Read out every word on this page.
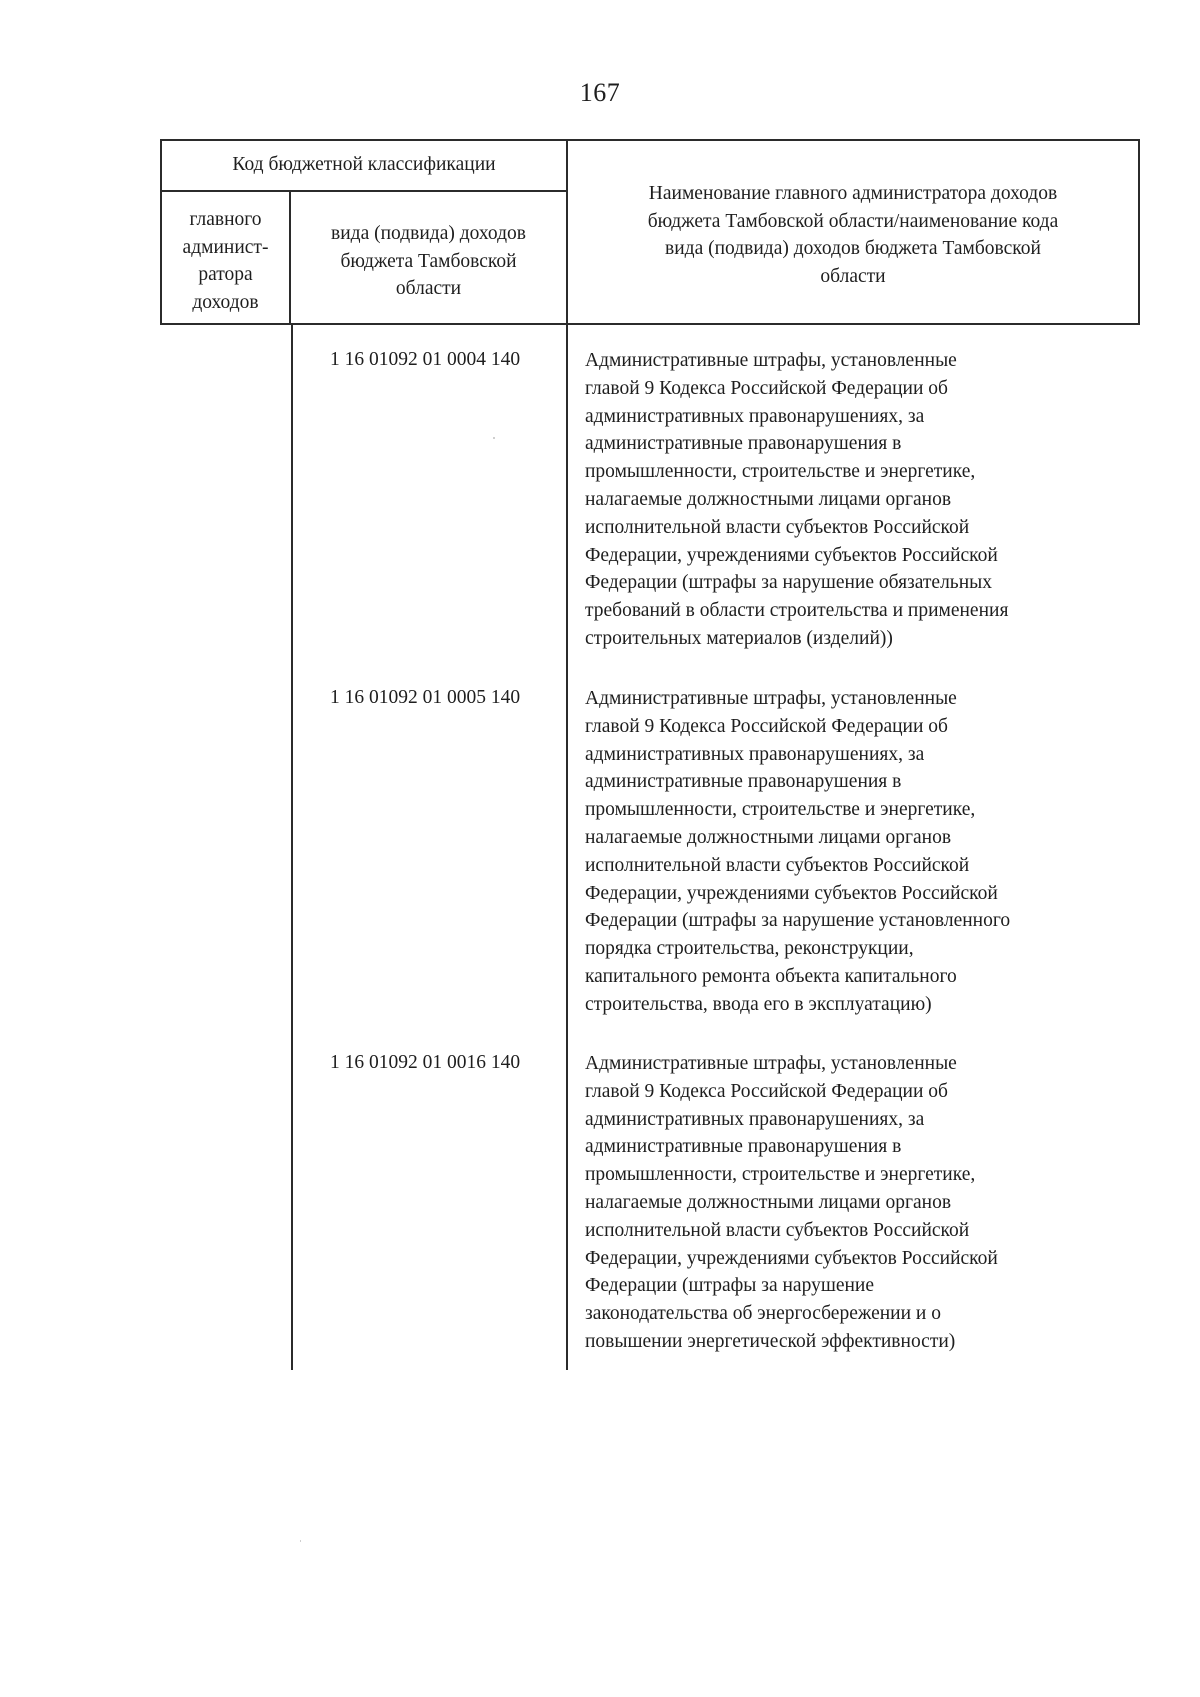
167
Код бюджетной классификации
главного
админист-
ратора
доходов
вида (подвида) доходов
бюджета Тамбовской
области
Наименование главного администратора доходов
бюджета Тамбовской области/наименование кода
вида (подвида) доходов бюджета Тамбовской
области
1 16 01092 01 0004 140	Административные штрафы, установленные
главой 9 Кодекса Российской Федерации об
административных правонарушениях, за
административные правонарушения в
промышленности, строительстве и энергетике,
налагаемые должностными лицами органов
исполнительной власти субъектов Российской
Федерации, учреждениями субъектов Российской
Федерации (штрафы за нарушение обязательных
требований в области строительства и применения
строительных материалов (изделий))
1 16 01092 01 0005 140	Административные штрафы, установленные
главой 9 Кодекса Российской Федерации об
административных правонарушениях, за
административные правонарушения в
промышленности, строительстве и энергетике,
налагаемые должностными лицами органов
исполнительной власти субъектов Российской
Федерации, учреждениями субъектов Российской
Федерации (штрафы за нарушение установленного
порядка строительства, реконструкции,
капитального ремонта объекта капитального
строительства, ввода его в эксплуатацию)
1 16 01092 01 0016 140	Административные штрафы, установленные
главой 9 Кодекса Российской Федерации об
административных правонарушениях, за
административные правонарушения в
промышленности, строительстве и энергетике,
налагаемые должностными лицами органов
исполнительной власти субъектов Российской
Федерации, учреждениями субъектов Российской
Федерации (штрафы за нарушение
законодательства об энергосбережении и о
повышении энергетической эффективности)
